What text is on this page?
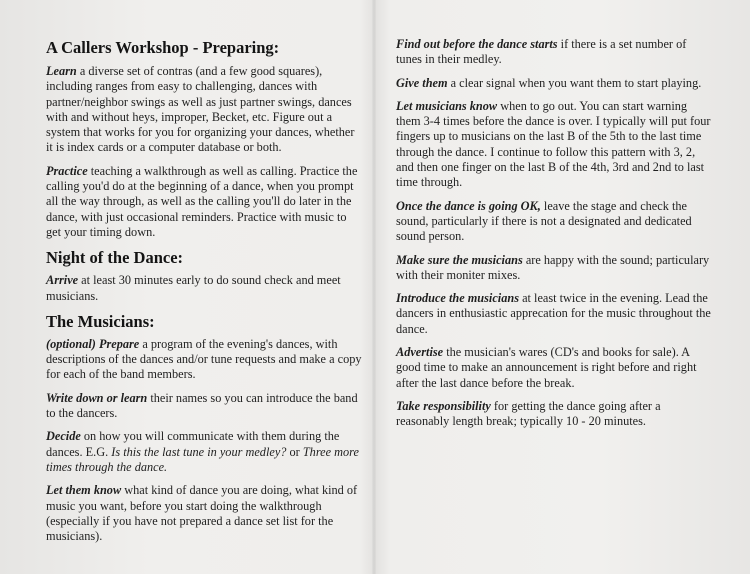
A Callers Workshop - Preparing:

Learn a diverse set of contras (and a few good squares), including ranges from easy to challenging, dances with partner/neighbor swings as well as just partner swings, dances with and without heys, improper, Becket, etc. Figure out a system that works for you for organizing your dances, whether it is index cards or a computer database or both.

Practice teaching a walkthrough as well as calling. Practice the calling you'd do at the beginning of a dance, when you prompt all the way through, as well as the calling you'll do later in the dance, with just occasional reminders. Practice with music to get your timing down.

Night of the Dance:

Arrive at least 30 minutes early to do sound check and meet musicians.

The Musicians:

(optional) Prepare a program of the evening's dances, with descriptions of the dances and/or tune requests and make a copy for each of the band members.

Write down or learn their names so you can introduce the band to the dancers.

Decide on how you will communicate with them during the dances. E.G. Is this the last tune in your medley? or Three more times through the dance.

Let them know what kind of dance you are doing, what kind of music you want, before you start doing the walkthrough (especially if you have not prepared a dance set list for the musicians).

Find out before the dance starts if there is a set number of tunes in their medley.

Give them a clear signal when you want them to start playing.

Let musicians know when to go out. You can start warning them 3-4 times before the dance is over. I typically will put four fingers up to musicians on the last B of the 5th to the last time through the dance. I continue to follow this pattern with 3, 2, and then one finger on the last B of the 4th, 3rd and 2nd to last time through.

Once the dance is going OK, leave the stage and check the sound, particularly if there is not a designated and dedicated sound person.

Make sure the musicians are happy with the sound; particulary with their moniter mixes.

Introduce the musicians at least twice in the evening. Lead the dancers in enthusiastic apprecation for the music throughout the dance.

Advertise the musician's wares (CD's and books for sale). A good time to make an announcement is right before and right after the last dance before the break.

Take responsibility for getting the dance going after a reasonably length break; typically 10 - 20 minutes.
